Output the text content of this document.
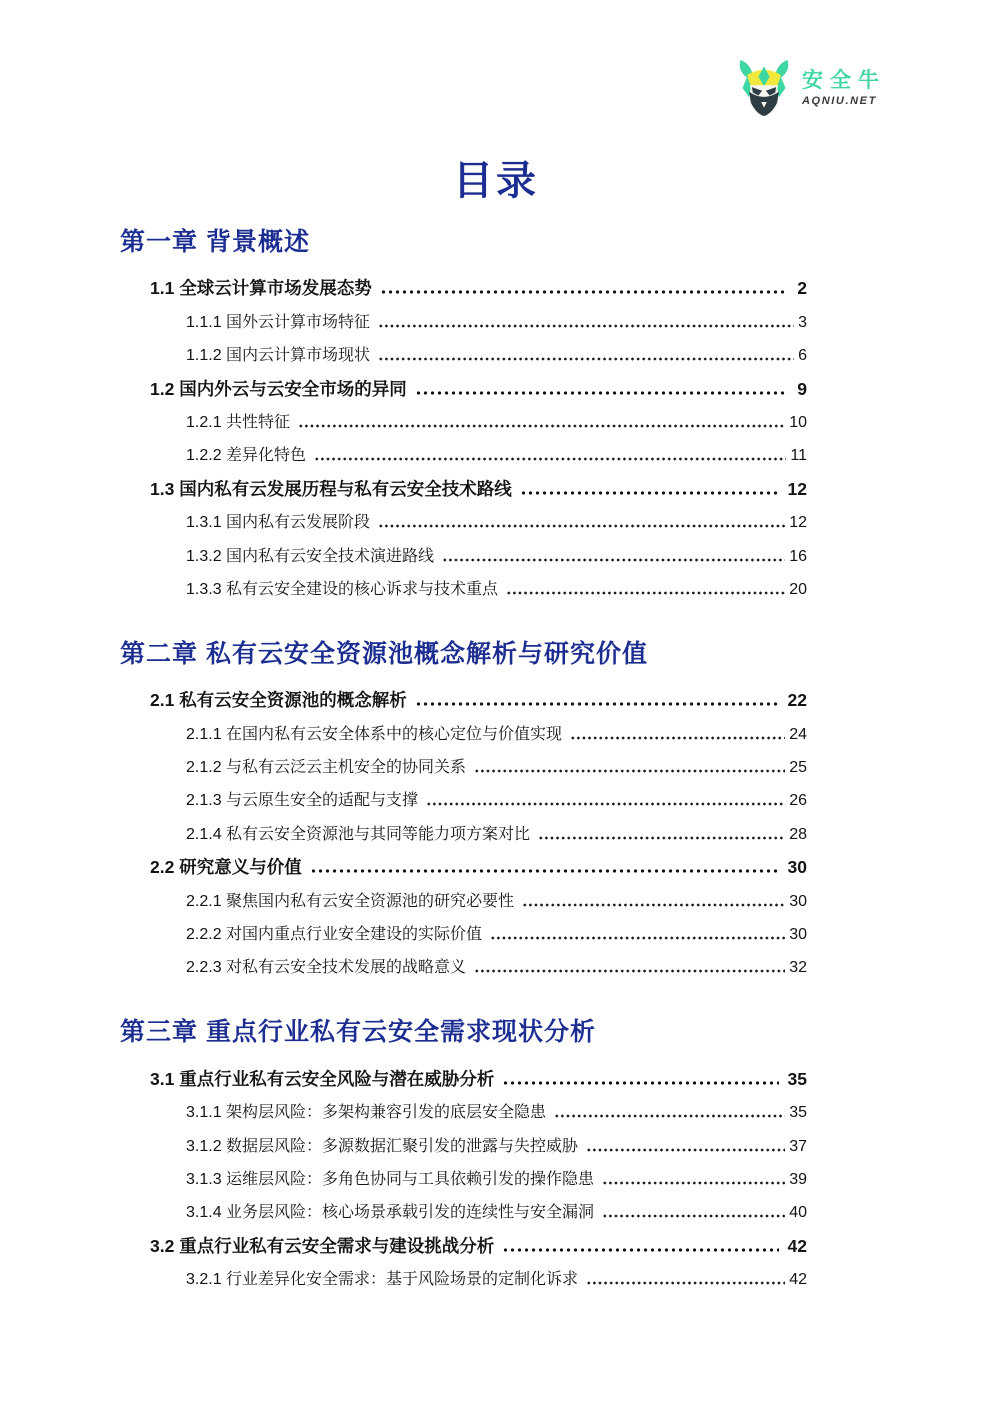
安全牛
AQNIU.NET
目录
第一章 背景概述
1.1 全球云计算市场发展态势	2
1.1.1 国外云计算市场特征	3
1.1.2 国内云计算市场现状	6
1.2 国内外云与云安全市场的异同	9
1.2.1 共性特征	10
1.2.2 差异化特色	11
1.3 国内私有云发展历程与私有云安全技术路线	12
1.3.1 国内私有云发展阶段	12
1.3.2 国内私有云安全技术演进路线	16
1.3.3 私有云安全建设的核心诉求与技术重点	20
第二章 私有云安全资源池概念解析与研究价值
2.1 私有云安全资源池的概念解析	22
2.1.1 在国内私有云安全体系中的核心定位与价值实现	24
2.1.2 与私有云泛云主机安全的协同关系	25
2.1.3 与云原生安全的适配与支撑	26
2.1.4 私有云安全资源池与其同等能力项方案对比	28
2.2 研究意义与价值	30
2.2.1 聚焦国内私有云安全资源池的研究必要性	30
2.2.2 对国内重点行业安全建设的实际价值	30
2.2.3 对私有云安全技术发展的战略意义	32
第三章 重点行业私有云安全需求现状分析
3.1 重点行业私有云安全风险与潜在威胁分析	35
3.1.1 架构层风险：多架构兼容引发的底层安全隐患	35
3.1.2 数据层风险：多源数据汇聚引发的泄露与失控威胁	37
3.1.3 运维层风险：多角色协同与工具依赖引发的操作隐患	39
3.1.4 业务层风险：核心场景承载引发的连续性与安全漏洞	40
3.2 重点行业私有云安全需求与建设挑战分析	42
3.2.1 行业差异化安全需求：基于风险场景的定制化诉求	42
